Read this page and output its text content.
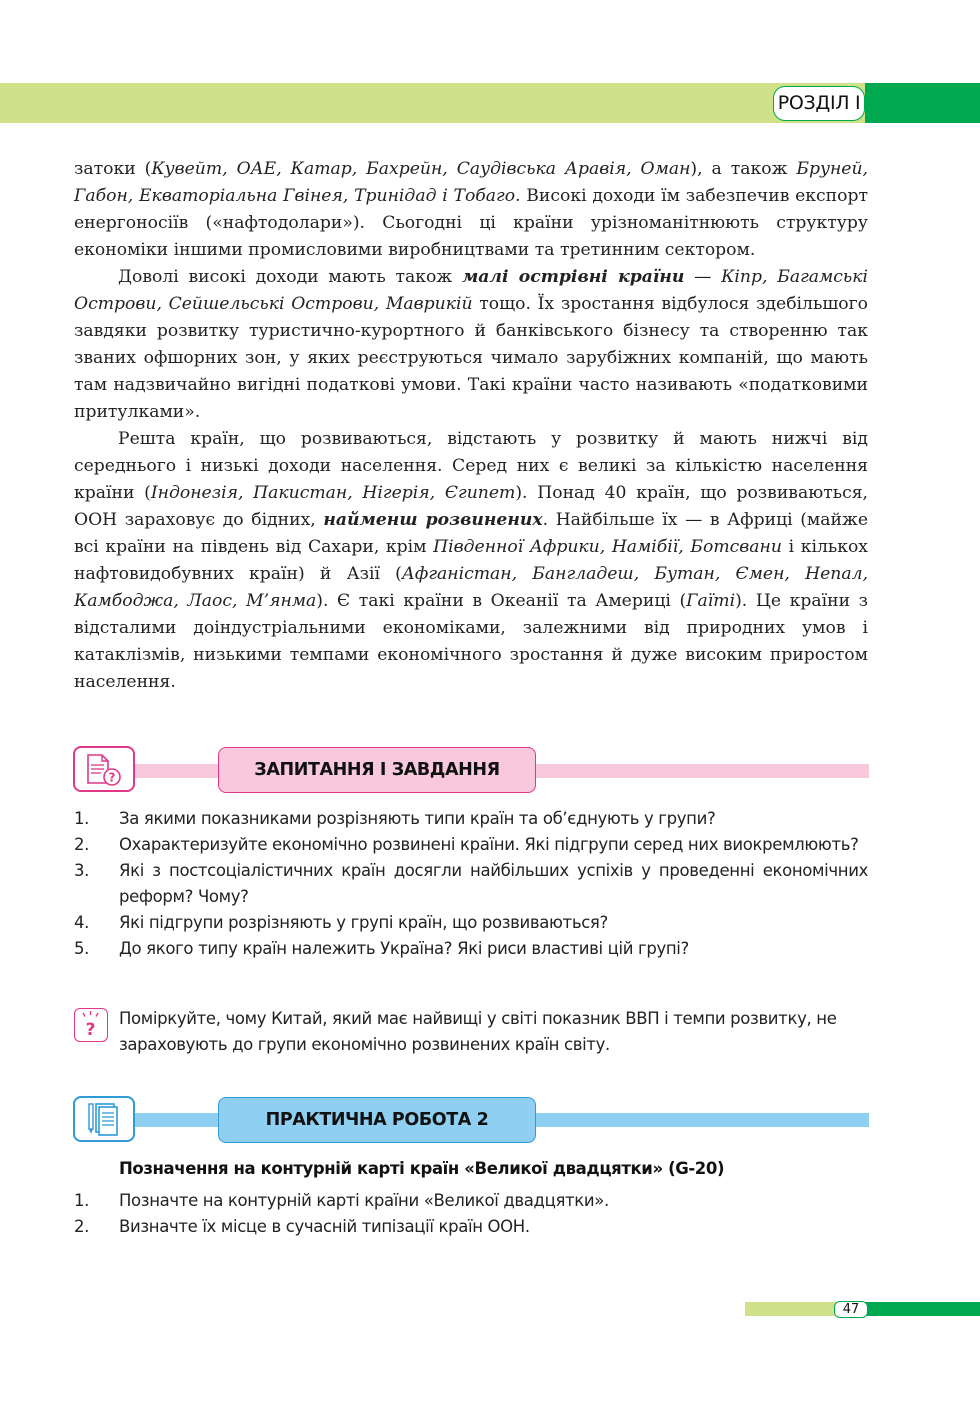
РОЗДІЛ І

затоки (Кувейт, ОАЕ, Катар, Бахрейн, Саудівська Аравія, Оман), а також Бруней, Габон, Екваторіальна Гвінея, Тринідад і Тобаго. Високі доходи їм забезпечив експорт енергоносіїв («нафтодолари»). Сьогодні ці країни урізноманітнюють структуру економіки іншими промисловими виробництвами та третинним сектором.

Доволі високі доходи мають також малі острівні країни — Кіпр, Багамські Острови, Сейшельські Острови, Маврикій тощо. Їх зростання відбулося здебільшого завдяки розвитку туристично-курортного й банківського бізнесу та створенню так званих офшорних зон, у яких реєструються чимало зарубіжних компаній, що мають там надзвичайно вигідні податкові умови. Такі країни часто називають «податковими притулками».

Решта країн, що розвиваються, відстають у розвитку й мають нижчі від середнього і низькі доходи населення. Серед них є великі за кількістю населення країни (Індонезія, Пакистан, Нігерія, Єгипет). Понад 40 країн, що розвиваються, ООН зараховує до бідних, найменш розвинених. Найбільше їх — в Африці (майже всі країни на південь від Сахари, крім Південної Африки, Намібії, Ботсвани і кількох нафтовидобувних країн) й Азії (Афганістан, Бангладеш, Бутан, Ємен, Непал, Камбоджа, Лаос, М’янма). Є такі країни в Океанії та Америці (Гаїті). Це країни з відсталими доіндустріальними економіками, залежними від природних умов і катаклізмів, низькими темпами економічного зростання й дуже високим приростом населення.

?	ЗАПИТАННЯ І ЗАВДАННЯ
1.	За якими показниками розрізняють типи країн та об’єднують у групи?
2.	Охарактеризуйте економічно розвинені країни. Які підгрупи серед них виокремлюють?
3.	Які з постсоціалістичних країн досягли найбільших успіхів у проведенні економічних реформ? Чому?
4.	Які підгрупи розрізняють у групі країн, що розвиваються?
5.	До якого типу країн належить Україна? Які риси властиві цій групі?
?
Поміркуйте, чому Китай, який має найвищі у світі показник ВВП і темпи розвитку, не зараховують до групи економічно розвинених країн світу.
ПРАКТИЧНА РОБОТА 2
Позначення на контурній карті країн «Великої двадцятки» (G-20)
1.	Позначте на контурній карті країни «Великої двадцятки».
2.	Визначте їх місце в сучасній типізації країн ООН.
47
